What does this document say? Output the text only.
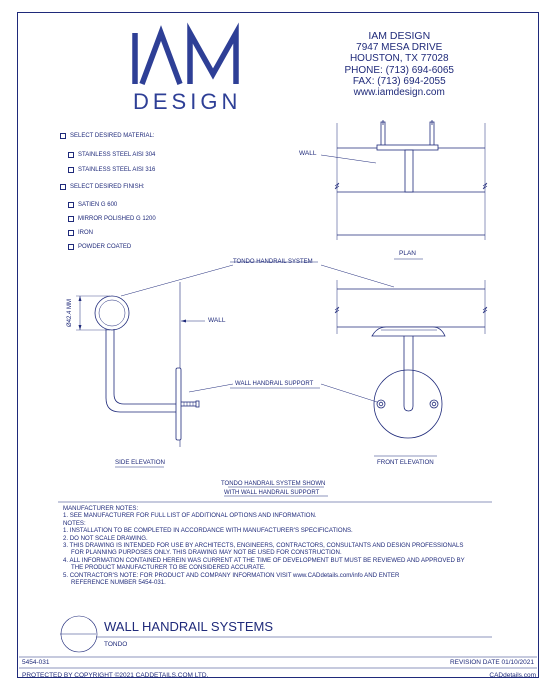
DESIGN
IAM DESIGN
7947 MESA DRIVE
HOUSTON, TX 77028
PHONE: (713) 694-6065
FAX: (713) 694-2055
www.iamdesign.com
SELECT DESIRED MATERIAL:
STAINLESS STEEL AISI 304
STAINLESS STEEL AISI 316
SELECT DESIRED FINISH:
SATIEN G 600
MIRROR POLISHED G 1200
IRON
POWDER COATED
WALL
PLAN
TONDO HANDRAIL SYSTEM
Ø42.4 MM	WALL
WALL HANDRAIL SUPPORT
SIDE ELEVATION	FRONT ELEVATION
TONDO HANDRAIL SYSTEM SHOWN
WITH WALL HANDRAIL SUPPORT
MANUFACTURER NOTES:
1. SEE MANUFACTURER FOR FULL LIST OF ADDITIONAL OPTIONS AND INFORMATION.
NOTES:
1. INSTALLATION TO BE COMPLETED IN ACCORDANCE WITH MANUFACTURER'S SPECIFICATIONS.
2. DO NOT SCALE DRAWING.
3. THIS DRAWING IS INTENDED FOR USE BY ARCHITECTS, ENGINEERS, CONTRACTORS, CONSULTANTS AND DESIGN PROFESSIONALS
FOR PLANNING PURPOSES ONLY. THIS DRAWING MAY NOT BE USED FOR CONSTRUCTION.
4. ALL INFORMATION CONTAINED HEREIN WAS CURRENT AT THE TIME OF DEVELOPMENT BUT MUST BE REVIEWED AND APPROVED BY
THE PRODUCT MANUFACTURER TO BE CONSIDERED ACCURATE.
5. CONTRACTOR'S NOTE: FOR PRODUCT AND COMPANY INFORMATION VISIT www.CADdetails.com/info AND ENTER
REFERENCE NUMBER 5454-031.
WALL HANDRAIL SYSTEMS
TONDO
5454-031	REVISION DATE 01/10/2021
PROTECTED BY COPYRIGHT ©2021 CADDETAILS.COM LTD.	CADdetails.com
